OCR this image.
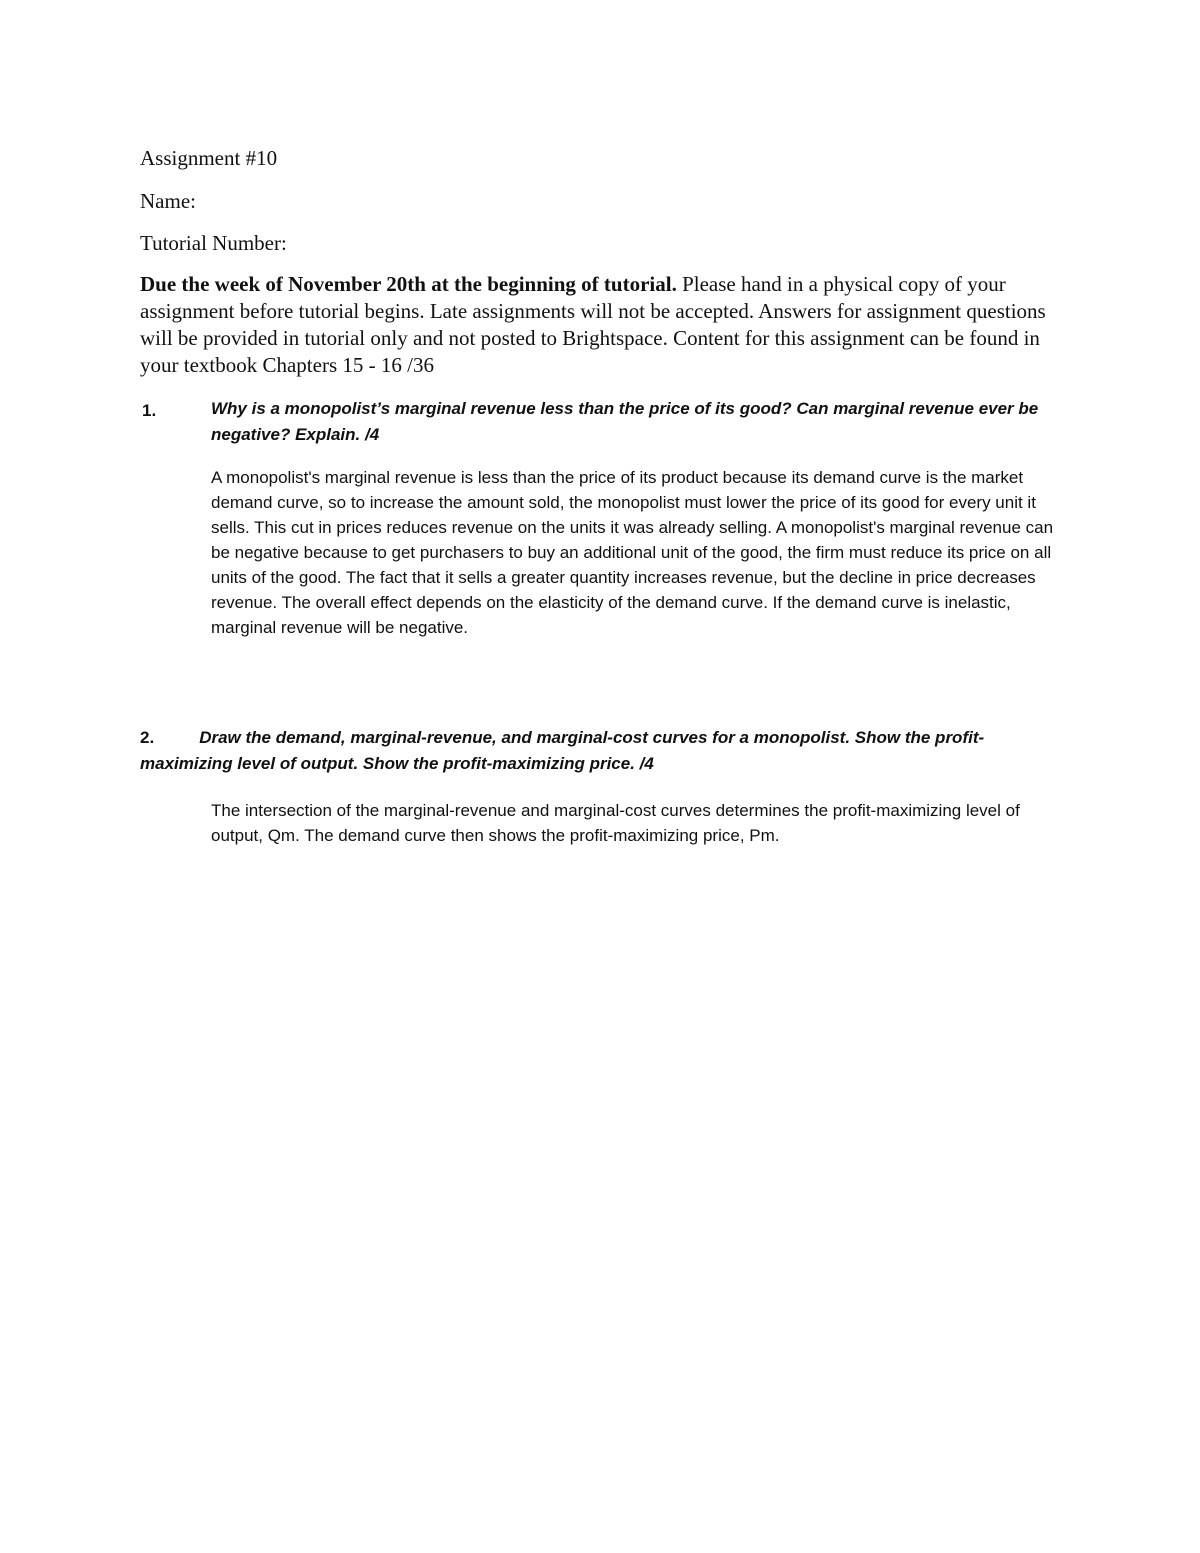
Assignment #10
Name:
Tutorial Number:
Due the week of November 20th at the beginning of tutorial. Please hand in a physical copy of your assignment before tutorial begins. Late assignments will not be accepted. Answers for assignment questions will be provided in tutorial only and not posted to Brightspace. Content for this assignment can be found in your textbook Chapters 15 - 16 /36
1.	Why is a monopolist’s marginal revenue less than the price of its good? Can marginal revenue ever be negative? Explain. /4
A monopolist's marginal revenue is less than the price of its product because its demand curve is the market demand curve, so to increase the amount sold, the monopolist must lower the price of its good for every unit it sells. This cut in prices reduces revenue on the units it was already selling. A monopolist's marginal revenue can be negative because to get purchasers to buy an additional unit of the good, the firm must reduce its price on all units of the good. The fact that it sells a greater quantity increases revenue, but the decline in price decreases revenue. The overall effect depends on the elasticity of the demand curve. If the demand curve is inelastic, marginal revenue will be negative.
2.	Draw the demand, marginal-revenue, and marginal-cost curves for a monopolist. Show the profit-maximizing level of output. Show the profit-maximizing price. /4
The intersection of the marginal-revenue and marginal-cost curves determines the profit-maximizing level of output, Qm. The demand curve then shows the profit-maximizing price, Pm.
